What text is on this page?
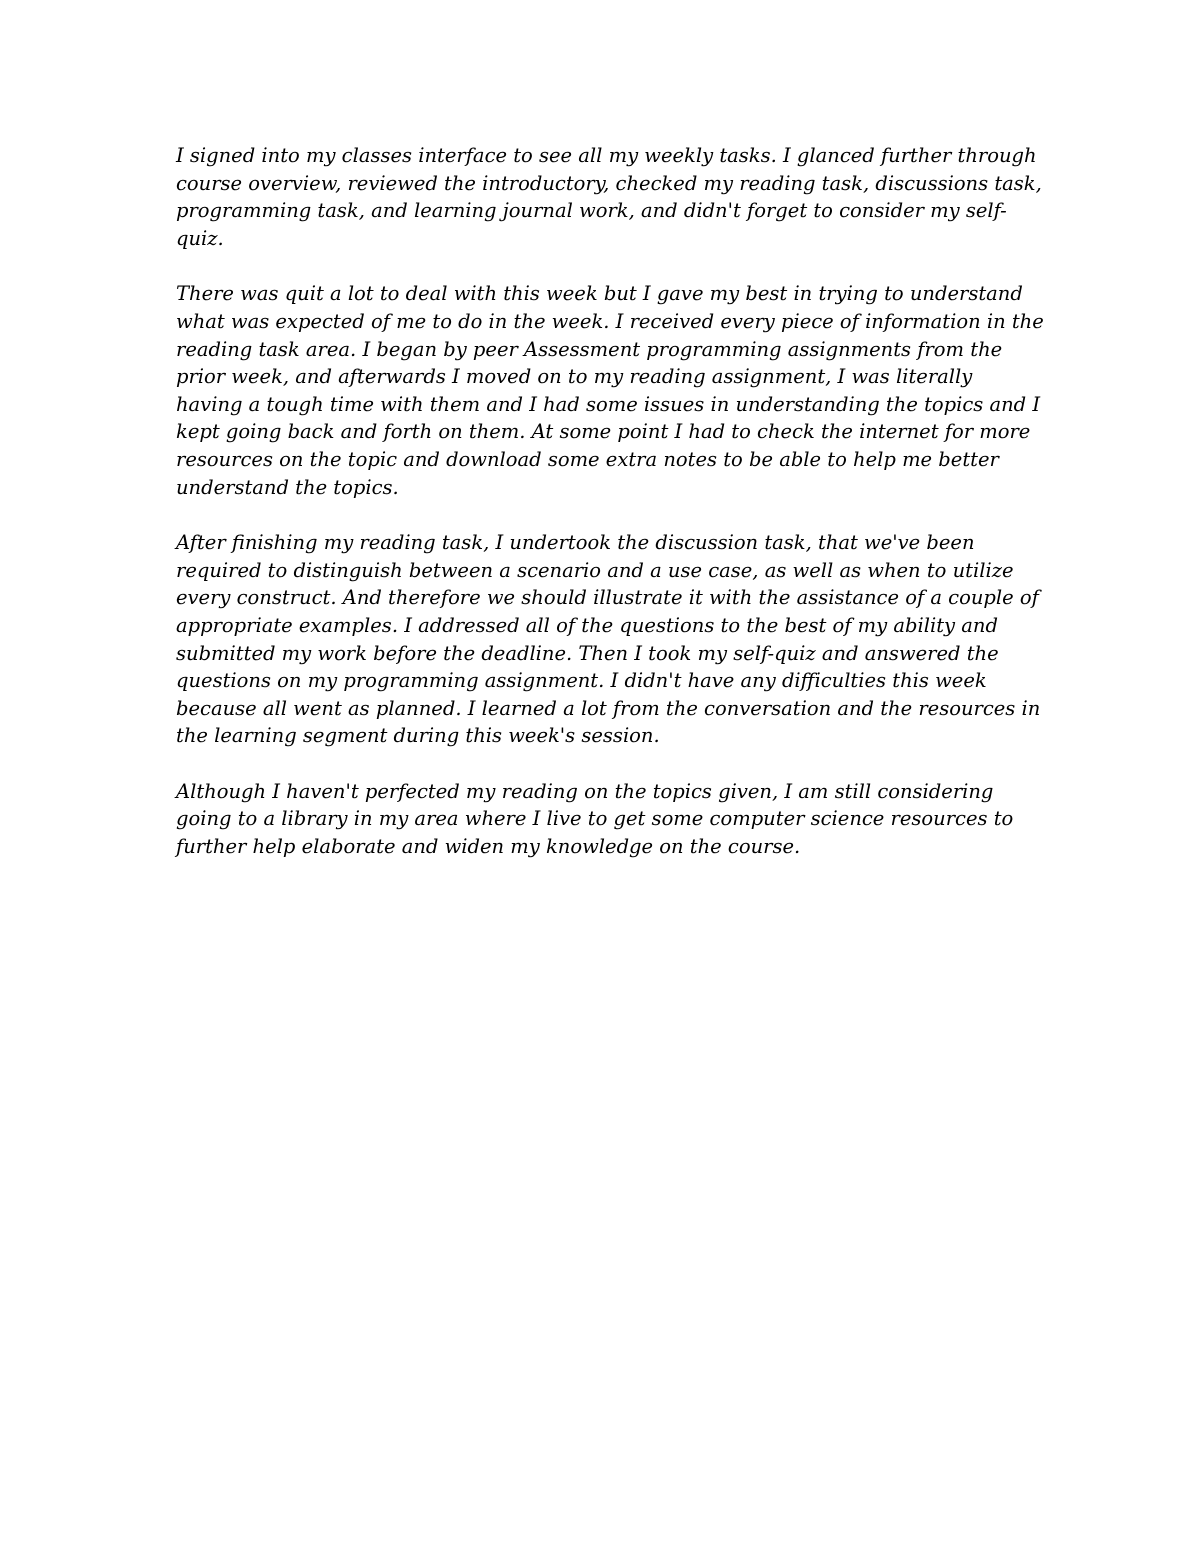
I signed into my classes interface to see all my weekly tasks. I glanced further through
course overview, reviewed the introductory, checked my reading task, discussions task,
programming task, and learning journal work, and didn't forget to consider my self-
quiz.
There was quit a lot to deal with this week but I gave my best in trying to understand
what was expected of me to do in the week. I received every piece of information in the
reading task area. I began by peer Assessment programming assignments from the
prior week, and afterwards I moved on to my reading assignment, I was literally
having a tough time with them and I had some issues in understanding the topics and I
kept going back and forth on them. At some point I had to check the internet for more
resources on the topic and download some extra notes to be able to help me better
understand the topics.
After finishing my reading task, I undertook the discussion task, that we've been
required to distinguish between a scenario and a use case, as well as when to utilize
every construct. And therefore we should illustrate it with the assistance of a couple of
appropriate examples. I addressed all of the questions to the best of my ability and
submitted my work before the deadline. Then I took my self-quiz and answered the
questions on my programming assignment. I didn't have any difficulties this week
because all went as planned. I learned a lot from the conversation and the resources in
the learning segment during this week's session.
Although I haven't perfected my reading on the topics given, I am still considering
going to a library in my area where I live to get some computer science resources to
further help elaborate and widen my knowledge on the course.
